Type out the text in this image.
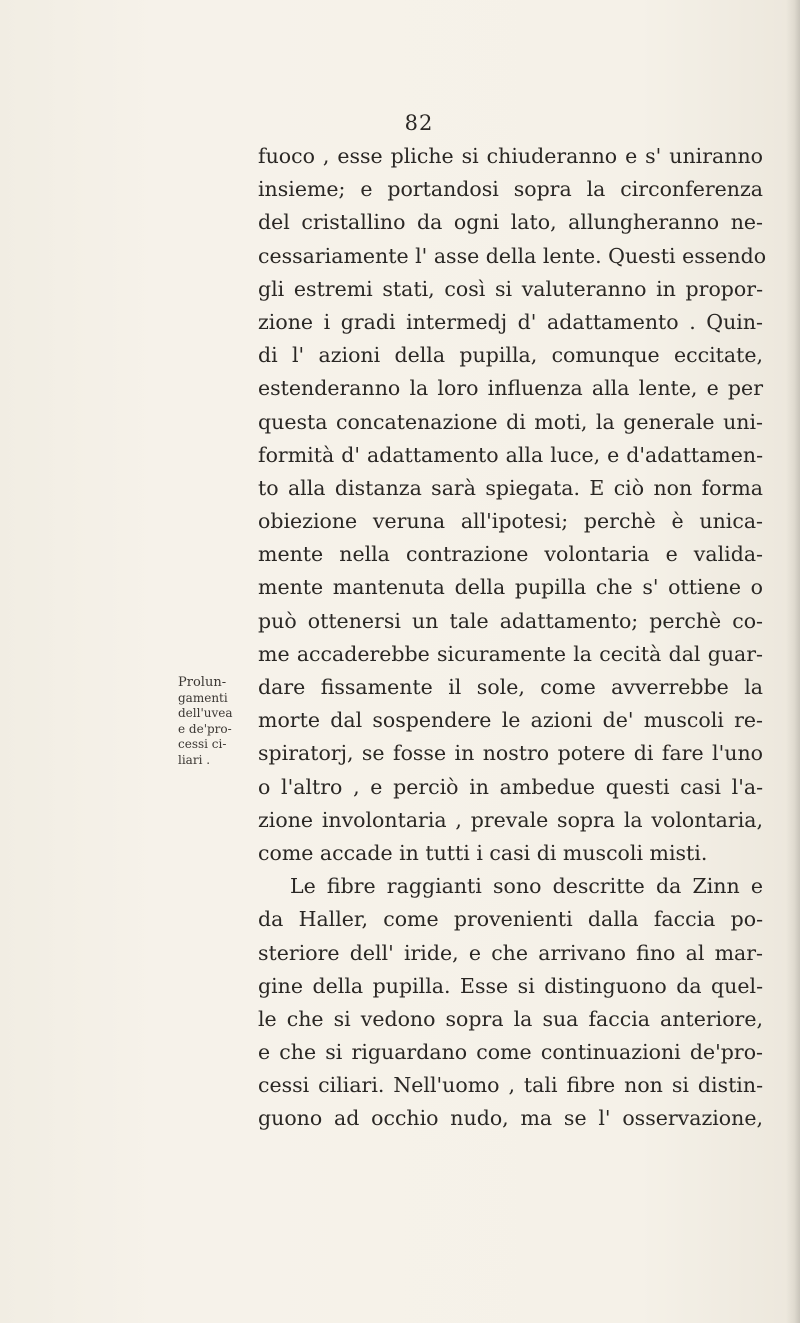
82
Prolun-
gamenti
dell'uvea
e de'pro-
cessi ci-
liari .
fuoco , esse pliche si chiuderanno e s' uniranno
insieme; e portandosi sopra la circonferenza
del cristallino da ogni lato, allungheranno ne-
cessariamente l' asse della lente. Questi essendo
gli estremi stati, così si valuteranno in propor-
zione i gradi intermedj d' adattamento . Quin-
di l' azioni della pupilla, comunque eccitate,
estenderanno la loro influenza alla lente, e per
questa concatenazione di moti, la generale uni-
formità d' adattamento alla luce, e d'adattamen-
to alla distanza sarà spiegata. E ciò non forma
obiezione veruna all'ipotesi; perchè è unica-
mente nella contrazione volontaria e valida-
mente mantenuta della pupilla che s' ottiene o
può ottenersi un tale adattamento; perchè co-
me accaderebbe sicuramente la cecità dal guar-
dare fissamente il sole, come avverrebbe la
morte dal sospendere le azioni de' muscoli re-
spiratorj, se fosse in nostro potere di fare l'uno
o l'altro , e perciò in ambedue questi casi l'a-
zione involontaria , prevale sopra la volontaria,
come accade in tutti i casi di muscoli misti.
Le fibre raggianti sono descritte da Zinn e
da Haller, come provenienti dalla faccia po-
steriore dell' iride, e che arrivano fino al mar-
gine della pupilla. Esse si distinguono da quel-
le che si vedono sopra la sua faccia anteriore,
e che si riguardano come continuazioni de'pro-
cessi ciliari. Nell'uomo , tali fibre non si distin-
guono ad occhio nudo, ma se l' osservazione,
